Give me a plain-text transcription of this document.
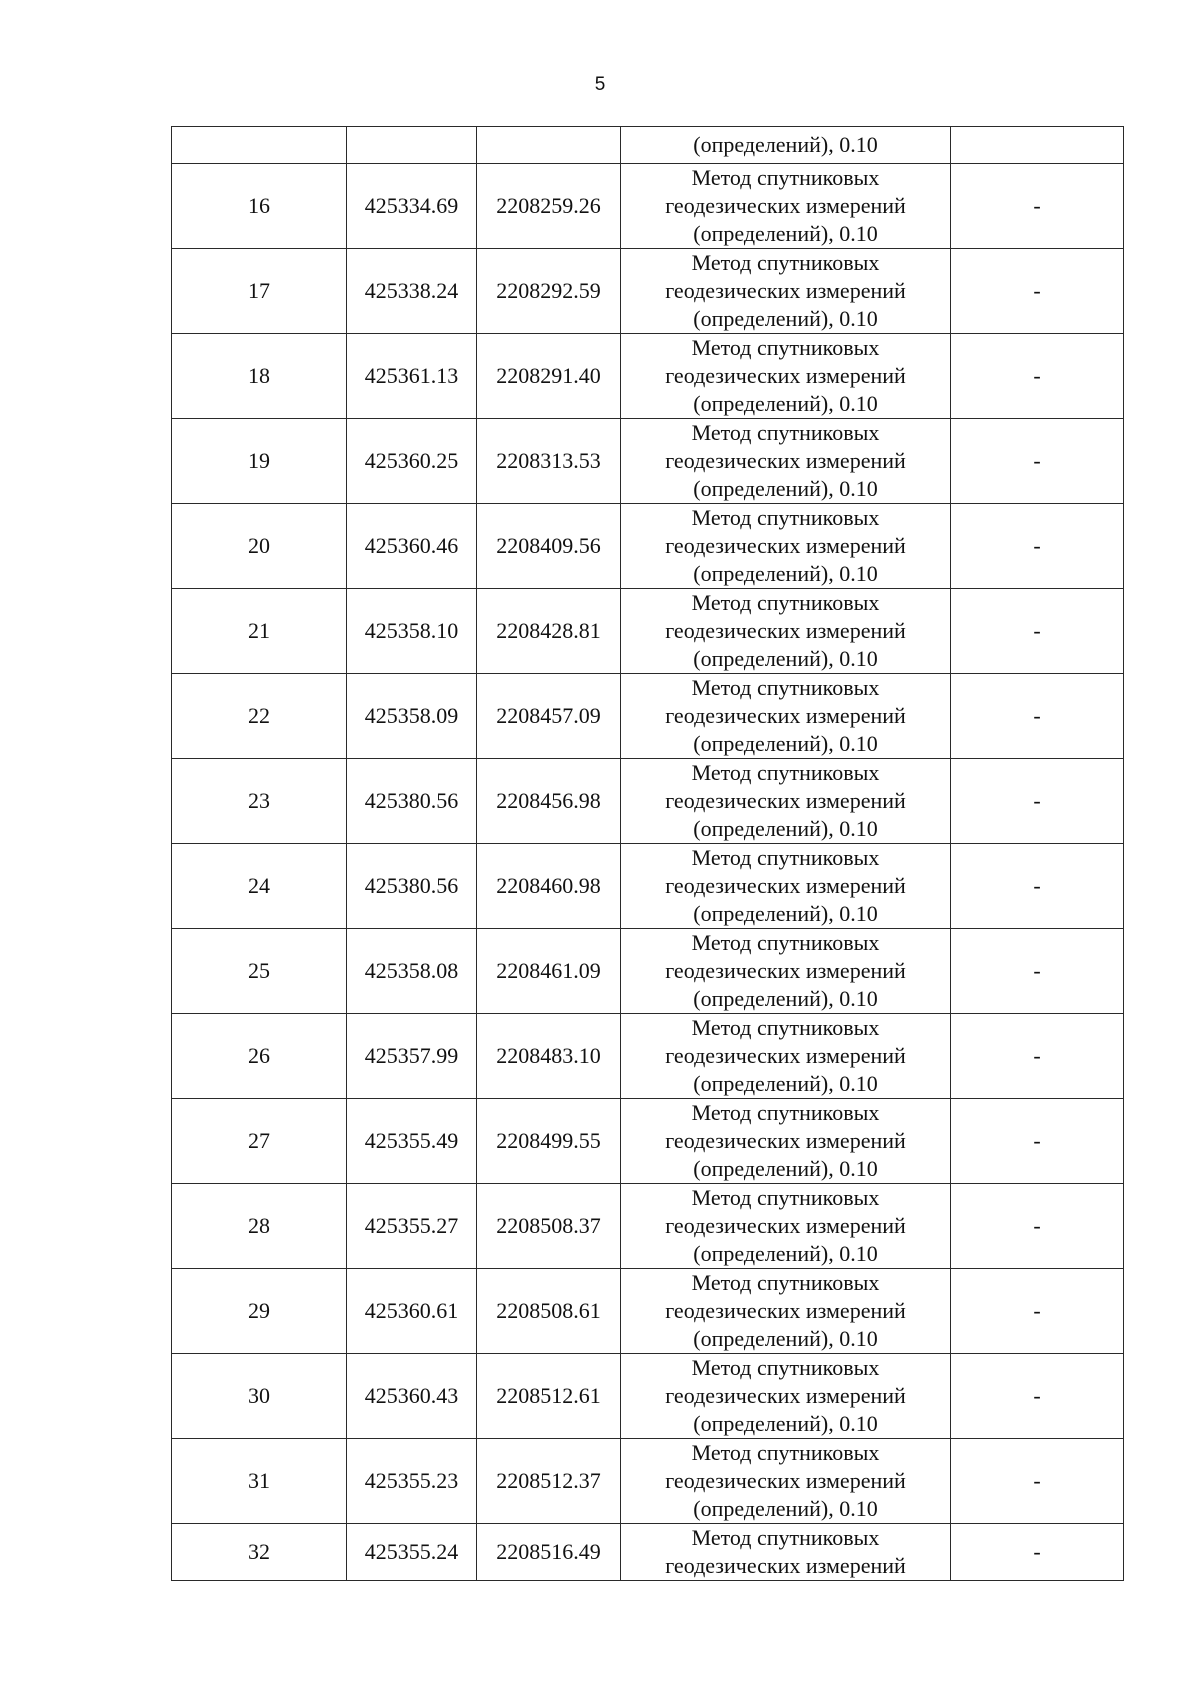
5
			(определений), 0.10	
16	425334.69	2208259.26	Метод спутниковых
геодезических измерений
(определений), 0.10	-
17	425338.24	2208292.59	Метод спутниковых
геодезических измерений
(определений), 0.10	-
18	425361.13	2208291.40	Метод спутниковых
геодезических измерений
(определений), 0.10	-
19	425360.25	2208313.53	Метод спутниковых
геодезических измерений
(определений), 0.10	-
20	425360.46	2208409.56	Метод спутниковых
геодезических измерений
(определений), 0.10	-
21	425358.10	2208428.81	Метод спутниковых
геодезических измерений
(определений), 0.10	-
22	425358.09	2208457.09	Метод спутниковых
геодезических измерений
(определений), 0.10	-
23	425380.56	2208456.98	Метод спутниковых
геодезических измерений
(определений), 0.10	-
24	425380.56	2208460.98	Метод спутниковых
геодезических измерений
(определений), 0.10	-
25	425358.08	2208461.09	Метод спутниковых
геодезических измерений
(определений), 0.10	-
26	425357.99	2208483.10	Метод спутниковых
геодезических измерений
(определений), 0.10	-
27	425355.49	2208499.55	Метод спутниковых
геодезических измерений
(определений), 0.10	-
28	425355.27	2208508.37	Метод спутниковых
геодезических измерений
(определений), 0.10	-
29	425360.61	2208508.61	Метод спутниковых
геодезических измерений
(определений), 0.10	-
30	425360.43	2208512.61	Метод спутниковых
геодезических измерений
(определений), 0.10	-
31	425355.23	2208512.37	Метод спутниковых
геодезических измерений
(определений), 0.10	-
32	425355.24	2208516.49	Метод спутниковых
геодезических измерений	-
